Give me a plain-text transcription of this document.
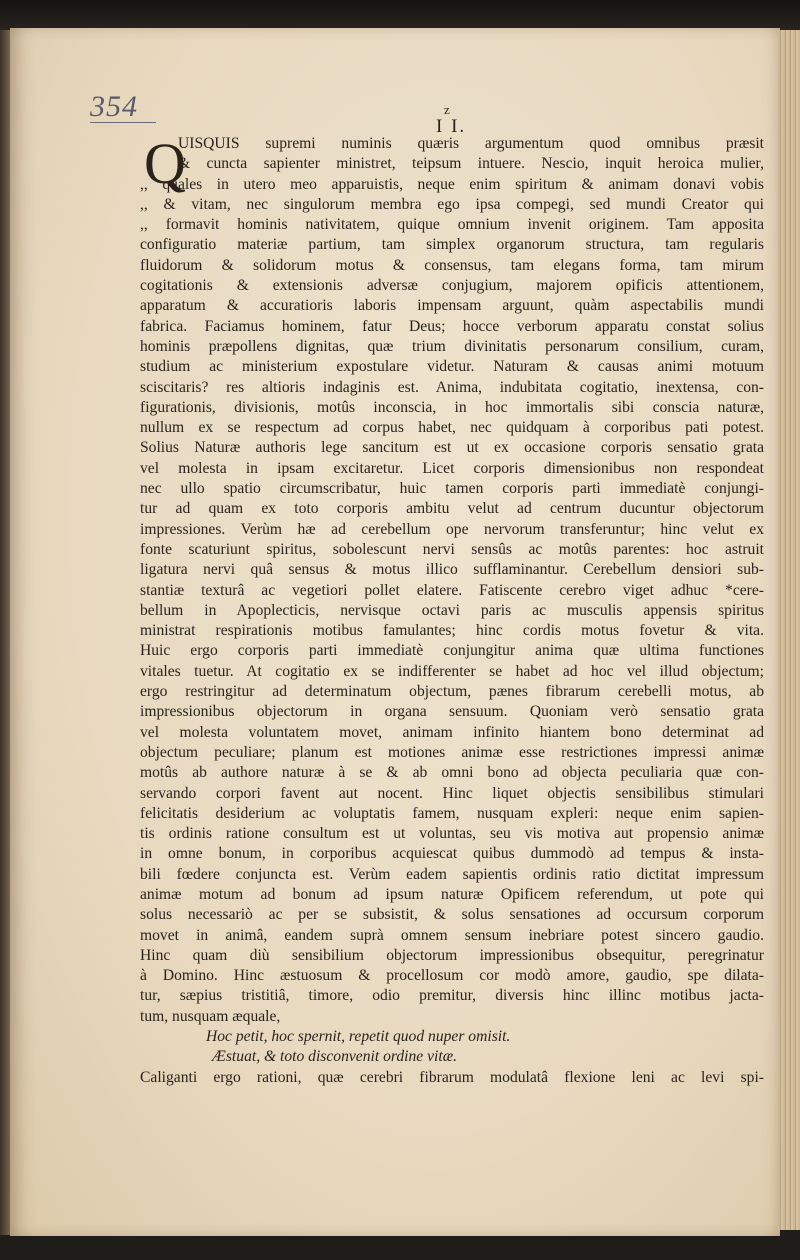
354	z
I I.
Q
UISQUIS supremi numinis quæris argumentum quod omnibus præsit
& cuncta sapienter ministret, teipsum intuere. Nescio, inquit heroica mulier,
,, quales in utero meo apparuistis, neque enim spiritum & animam donavi vobis
,, & vitam, nec singulorum membra ego ipsa compegi, sed mundi Creator qui
,, formavit hominis nativitatem, quique omnium invenit originem. Tam apposita
configuratio materiæ partium, tam simplex organorum structura, tam regularis
fluidorum & solidorum motus & consensus, tam elegans forma, tam mirum
cogitationis & extensionis adversæ conjugium, majorem opificis attentionem,
apparatum & accuratioris laboris impensam arguunt, quàm aspectabilis mundi
fabrica. Faciamus hominem, fatur Deus; hocce verborum apparatu constat solius
hominis præpollens dignitas, quæ trium divinitatis personarum consilium, curam,
studium ac ministerium expostulare videtur. Naturam & causas animi motuum
sciscitaris? res altioris indaginis est. Anima, indubitata cogitatio, inextensa, con-
figurationis, divisionis, motûs inconscia, in hoc immortalis sibi conscia naturæ,
nullum ex se respectum ad corpus habet, nec quidquam à corporibus pati potest.
Solius Naturæ authoris lege sancitum est ut ex occasione corporis sensatio grata
vel molesta in ipsam excitaretur. Licet corporis dimensionibus non respondeat
nec ullo spatio circumscribatur, huic tamen corporis parti immediatè conjungi-
tur ad quam ex toto corporis ambitu velut ad centrum ducuntur objectorum
impressiones. Verùm hæ ad cerebellum ope nervorum transferuntur; hinc velut ex
fonte scaturiunt spiritus, sobolescunt nervi sensûs ac motûs parentes: hoc astruit
ligatura nervi quâ sensus & motus illico sufflaminantur. Cerebellum densiori sub-
stantiæ texturâ ac vegetiori pollet elatere. Fatiscente cerebro viget adhuc *cere-
bellum in Apoplecticis, nervisque octavi paris ac musculis appensis spiritus
ministrat respirationis motibus famulantes; hinc cordis motus fovetur & vita.
Huic ergo corporis parti immediatè conjungitur anima quæ ultima functiones
vitales tuetur. At cogitatio ex se indifferenter se habet ad hoc vel illud objectum;
ergo restringitur ad determinatum objectum, pænes fibrarum cerebelli motus, ab
impressionibus objectorum in organa sensuum. Quoniam verò sensatio grata
vel molesta voluntatem movet, animam infinito hiantem bono determinat ad
objectum peculiare; planum est motiones animæ esse restrictiones impressi animæ
motûs ab authore naturæ à se & ab omni bono ad objecta peculiaria quæ con-
servando corpori favent aut nocent. Hinc liquet objectis sensibilibus stimulari
felicitatis desiderium ac voluptatis famem, nusquam expleri: neque enim sapien-
tis ordinis ratione consultum est ut voluntas, seu vis motiva aut propensio animæ
in omne bonum, in corporibus acquiescat quibus dummodò ad tempus & insta-
bili fœdere conjuncta est. Verùm eadem sapientis ordinis ratio dictitat impressum
animæ motum ad bonum ad ipsum naturæ Opificem referendum, ut pote qui
solus necessariò ac per se subsistit, & solus sensationes ad occursum corporum
movet in animâ, eandem suprà omnem sensum inebriare potest sincero gaudio.
Hinc quam diù sensibilium objectorum impressionibus obsequitur, peregrinatur
à Domino. Hinc æstuosum & procellosum cor modò amore, gaudio, spe dilata-
tur, sæpius tristitiâ, timore, odio premitur, diversis hinc illinc motibus jacta-
tum, nusquam æquale,
Hoc petit, hoc spernit, repetit quod nuper omisit.
Æstuat, & toto disconvenit ordine vitæ.
Caliganti ergo rationi, quæ cerebri fibrarum modulatâ flexione leni ac levi spi-
